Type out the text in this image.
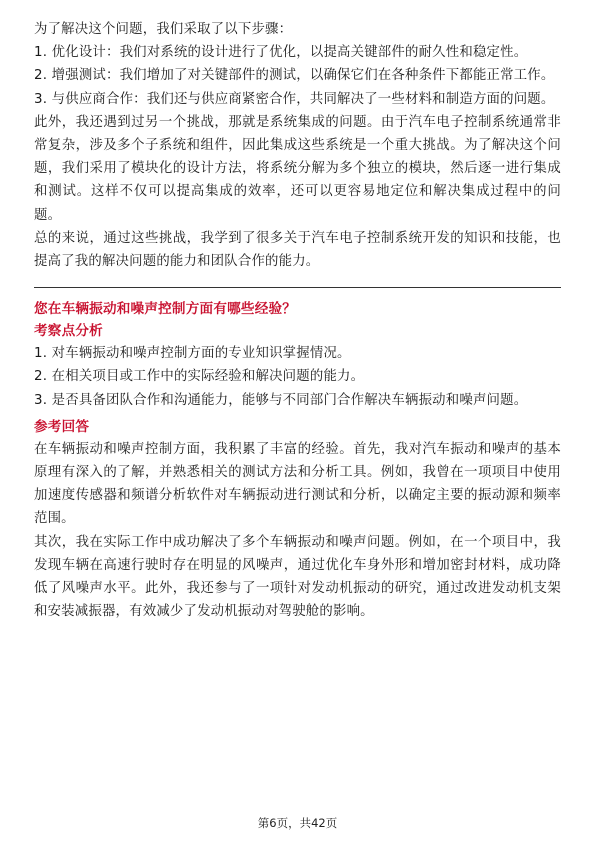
为了解决这个问题，我们采取了以下步骤：

1. 优化设计：我们对系统的设计进行了优化，以提高关键部件的耐久性和稳定性。

2. 增强测试：我们增加了对关键部件的测试，以确保它们在各种条件下都能正常工作。

3. 与供应商合作：我们还与供应商紧密合作，共同解决了一些材料和制造方面的问题。

此外，我还遇到过另一个挑战，那就是系统集成的问题。由于汽车电子控制系统通常非常复杂，涉及多个子系统和组件，因此集成这些系统是一个重大挑战。为了解决这个问题，我们采用了模块化的设计方法，将系统分解为多个独立的模块，然后逐一进行集成和测试。这样不仅可以提高集成的效率，还可以更容易地定位和解决集成过程中的问题。

总的来说，通过这些挑战，我学到了很多关于汽车电子控制系统开发的知识和技能，也提高了我的解决问题的能力和团队合作的能力。

您在车辆振动和噪声控制方面有哪些经验？

考察点分析

1. 对车辆振动和噪声控制方面的专业知识掌握情况。

2. 在相关项目或工作中的实际经验和解决问题的能力。

3. 是否具备团队合作和沟通能力，能够与不同部门合作解决车辆振动和噪声问题。

参考回答

在车辆振动和噪声控制方面，我积累了丰富的经验。首先，我对汽车振动和噪声的基本原理有深入的了解，并熟悉相关的测试方法和分析工具。例如，我曾在一项项目中使用加速度传感器和频谱分析软件对车辆振动进行测试和分析，以确定主要的振动源和频率范围。

其次，我在实际工作中成功解决了多个车辆振动和噪声问题。例如，在一个项目中，我发现车辆在高速行驶时存在明显的风噪声，通过优化车身外形和增加密封材料，成功降低了风噪声水平。此外，我还参与了一项针对发动机振动的研究，通过改进发动机支架和安装减振器，有效减少了发动机振动对驾驶舱的影响。

第6页，共42页
